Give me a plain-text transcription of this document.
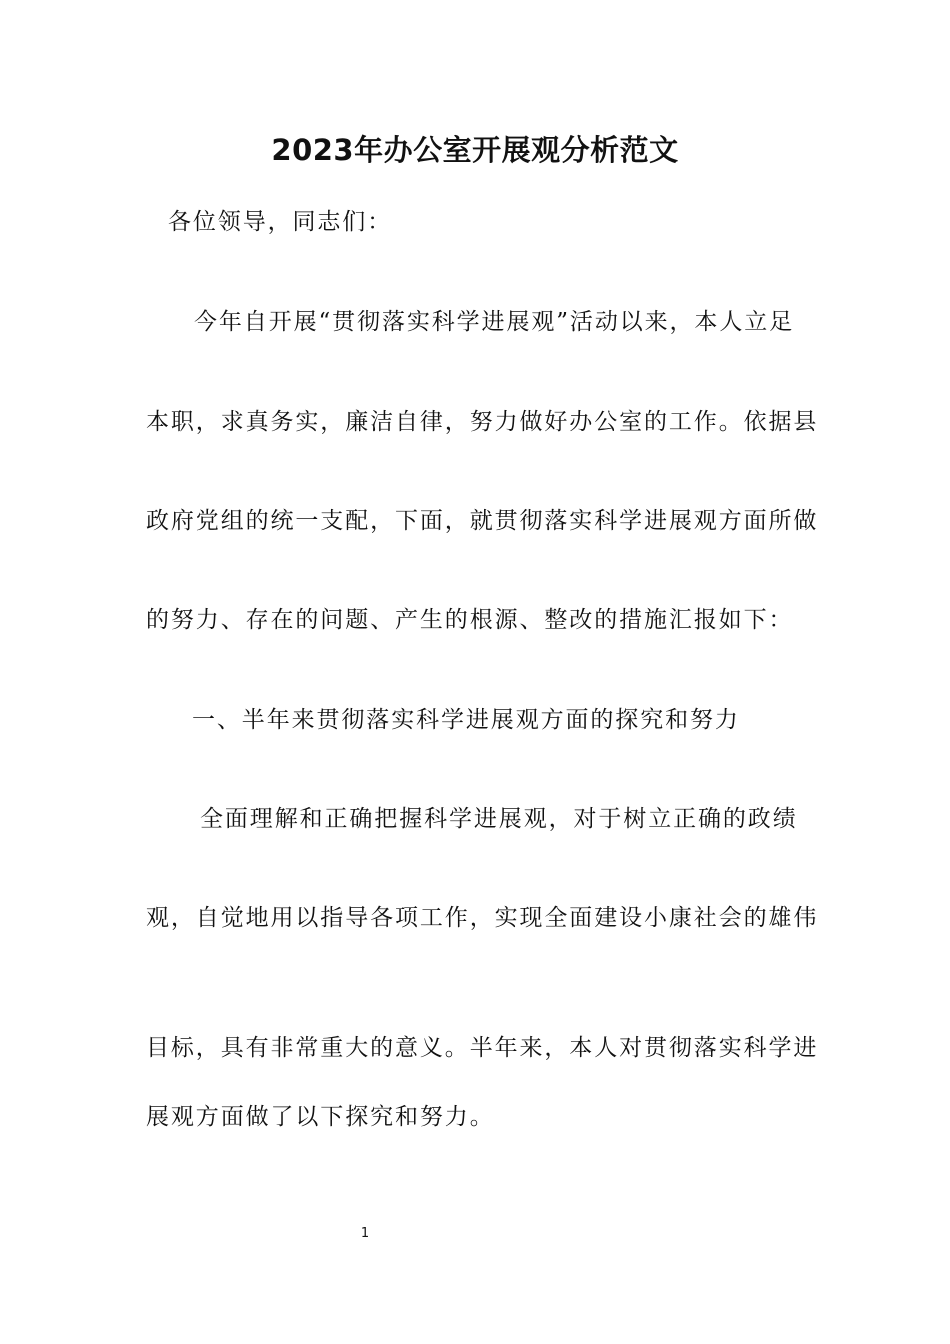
2023年办公室开展观分析范文
各位领导，同志们：
今年自开展“贯彻落实科学进展观”活动以来，本人立足
本职，求真务实，廉洁自律，努力做好办公室的工作。依据县
政府党组的统一支配，下面，就贯彻落实科学进展观方面所做
的努力、存在的问题、产生的根源、整改的措施汇报如下：
一、半年来贯彻落实科学进展观方面的探究和努力
全面理解和正确把握科学进展观，对于树立正确的政绩
观，自觉地用以指导各项工作，实现全面建设小康社会的雄伟
目标，具有非常重大的意义。半年来，本人对贯彻落实科学进
展观方面做了以下探究和努力。
1
